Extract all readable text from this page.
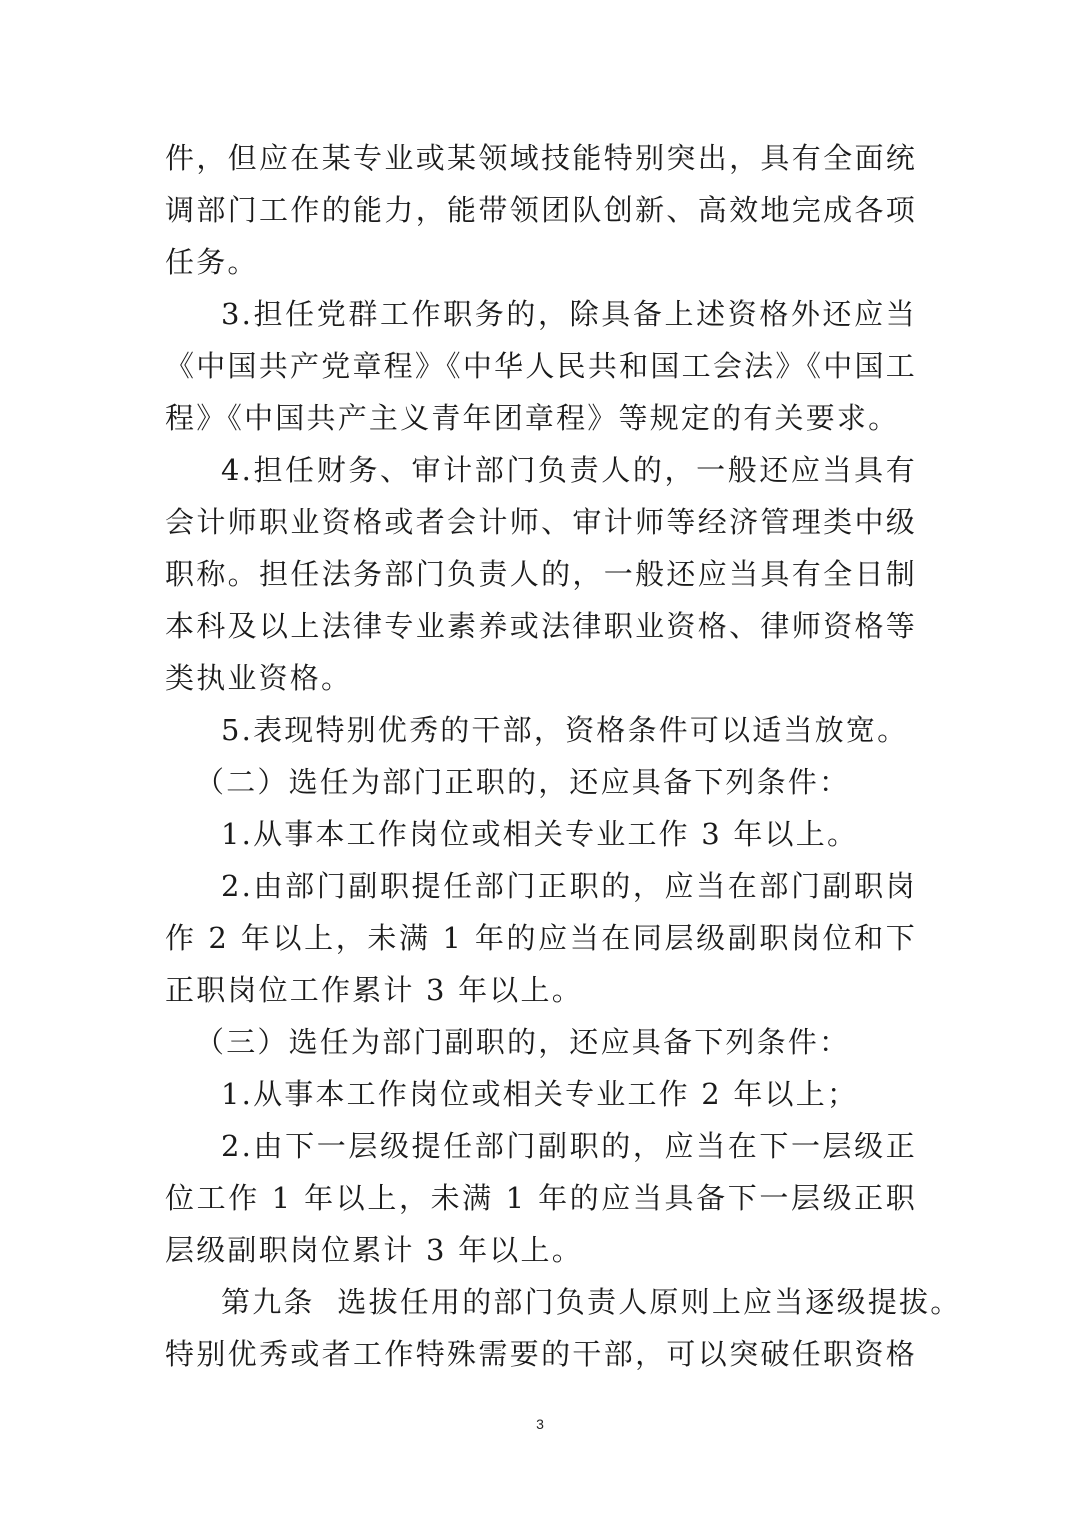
件，但应在某专业或某领域技能特别突出，具有全面统
调部门工作的能力，能带领团队创新、高效地完成各项
任务。
3.担任党群工作职务的，除具备上述资格外还应当
《中国共产党章程》《中华人民共和国工会法》《中国工
程》《中国共产主义青年团章程》等规定的有关要求。
4.担任财务、审计部门负责人的，一般还应当具有
会计师职业资格或者会计师、审计师等经济管理类中级
职称。担任法务部门负责人的，一般还应当具有全日制
本科及以上法律专业素养或法律职业资格、律师资格等
类执业资格。
5.表现特别优秀的干部，资格条件可以适当放宽。
（二）选任为部门正职的，还应具备下列条件：
1.从事本工作岗位或相关专业工作 3 年以上。
2.由部门副职提任部门正职的，应当在部门副职岗
作 2 年以上，未满 1 年的应当在同层级副职岗位和下
正职岗位工作累计 3 年以上。
（三）选任为部门副职的，还应具备下列条件：
1.从事本工作岗位或相关专业工作 2 年以上；
2.由下一层级提任部门副职的，应当在下一层级正
位工作 1 年以上，未满 1 年的应当具备下一层级正职
层级副职岗位累计 3 年以上。
第九条  选拔任用的部门负责人原则上应当逐级提拔。
特别优秀或者工作特殊需要的干部，可以突破任职资格
3
